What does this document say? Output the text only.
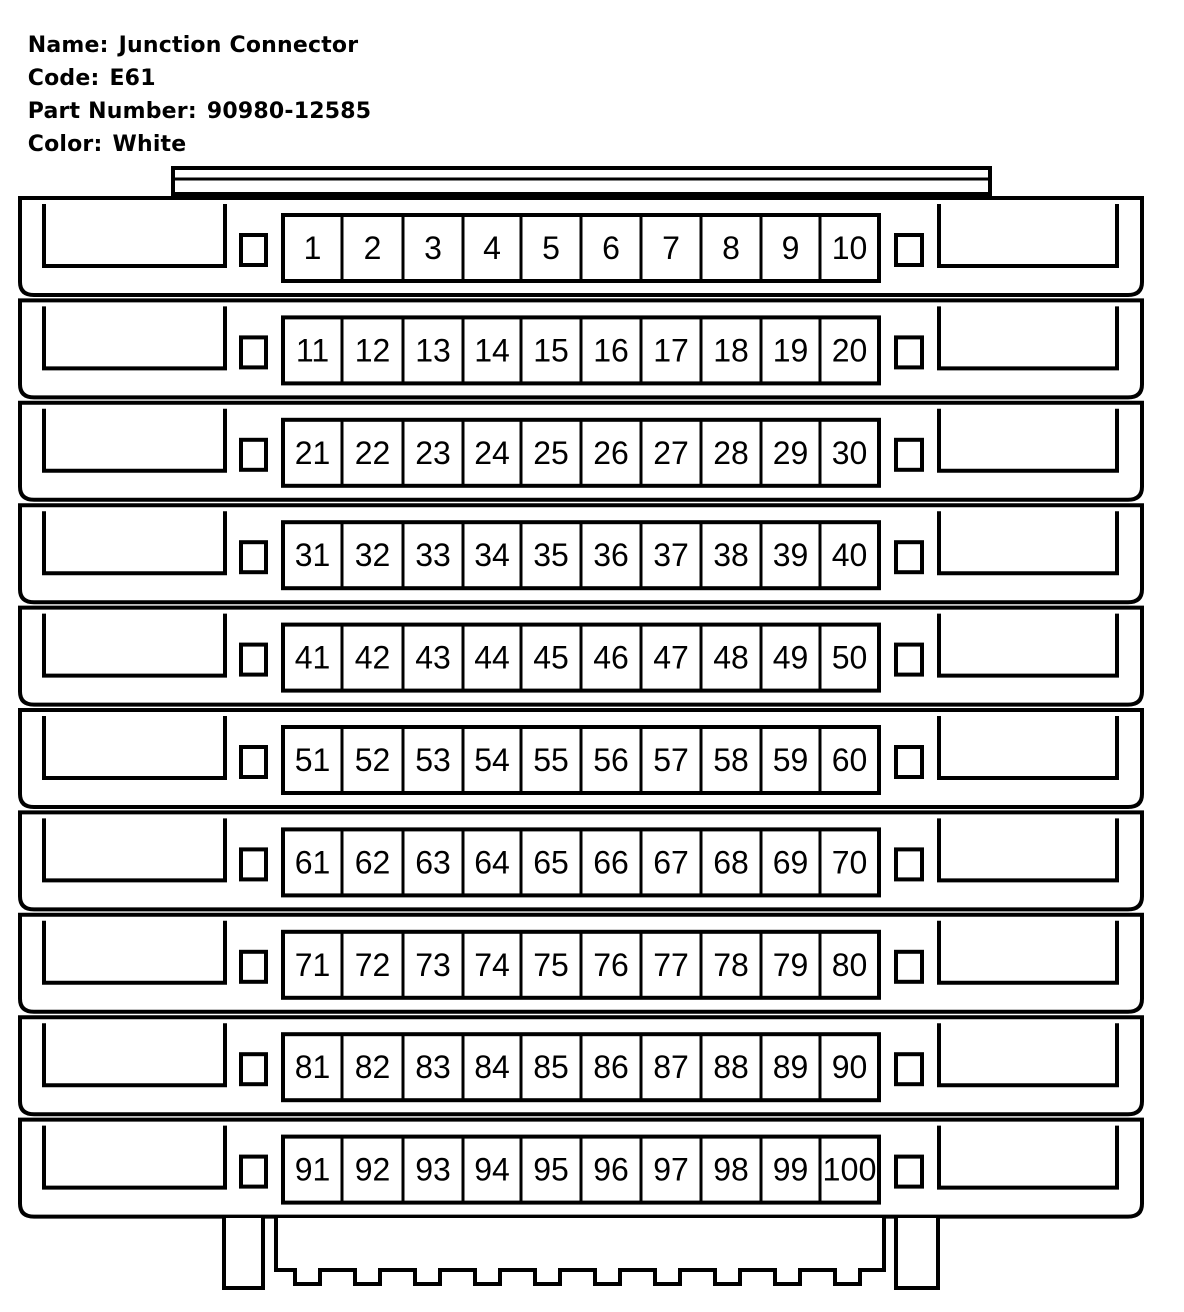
Name: Junction Connector

Code: E61

Part Number: 90980-12585

Color: White

1 2 3 4 5 6 7 8 9 10
11 12 13 14 15 16 17 18 19 20
21 22 23 24 25 26 27 28 29 30
31 32 33 34 35 36 37 38 39 40
41 42 43 44 45 46 47 48 49 50
51 52 53 54 55 56 57 58 59 60
61 62 63 64 65 66 67 68 69 70
71 72 73 74 75 76 77 78 79 80
81 82 83 84 85 86 87 88 89 90
91 92 93 94 95 96 97 98 99 100
